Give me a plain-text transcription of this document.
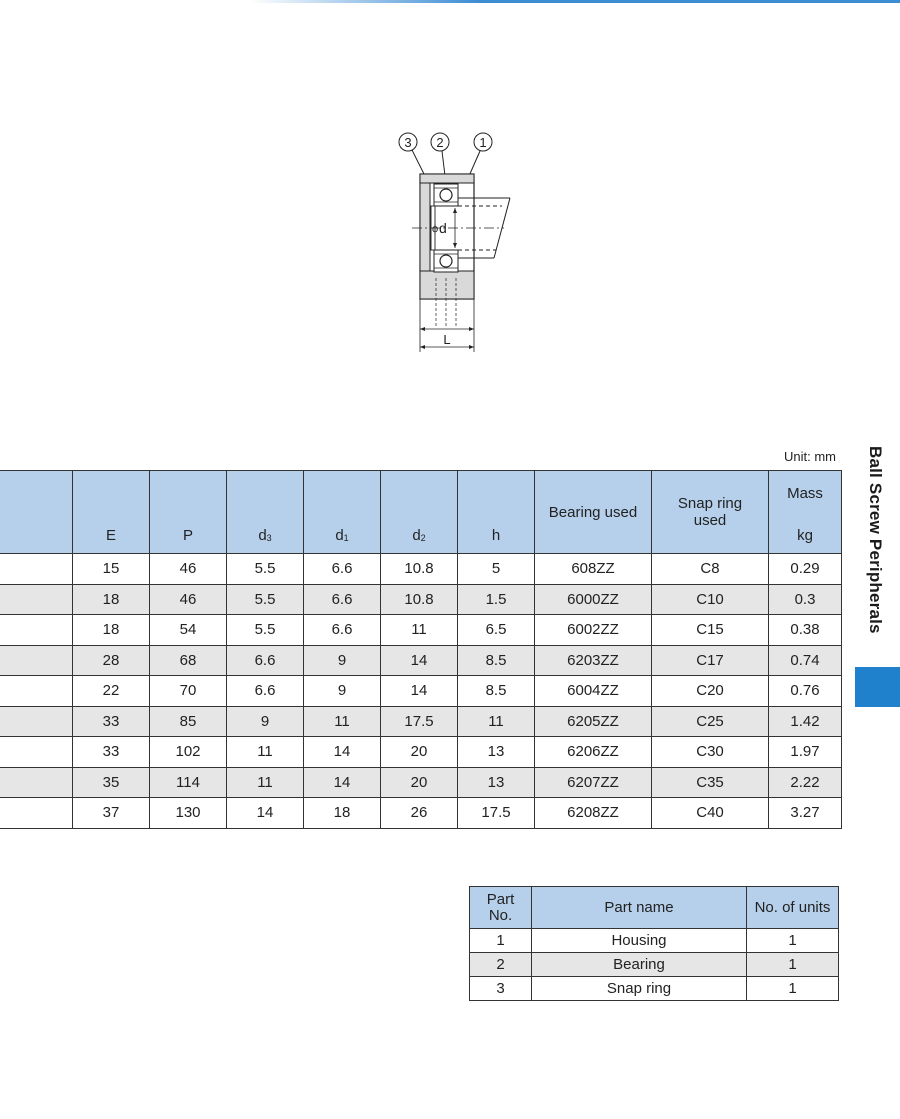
3 2	1
ϕ d
L
Unit: mm

	E	P	$d_3$	$d_1$	$d_2$	h	Bearing used	Snap ring used	Mass
kg

	15	46	5.5	6.6	10.8	5	608ZZ	C8	0.29
	18	46	5.5	6.6	10.8	1.5	6000ZZ	C10	0.3
	18	54	5.5	6.6	11	6.5	6002ZZ	C15	0.38
	28	68	6.6	9	14	8.5	6203ZZ	C17	0.74
	22	70	6.6	9	14	8.5	6004ZZ	C20	0.76
	33	85	9	11	17.5	11	6205ZZ	C25	1.42
	33	102	11	14	20	13	6206ZZ	C30	1.97
	35	114	11	14	20	13	6207ZZ	C35	2.22
	37	130	14	18	26	17.5	6208ZZ	C40	3.27
Part No.	Part name	No. of units
1	Housing	1
2	Bearing	1
3	Snap ring	1
Ball Screw Peripherals
